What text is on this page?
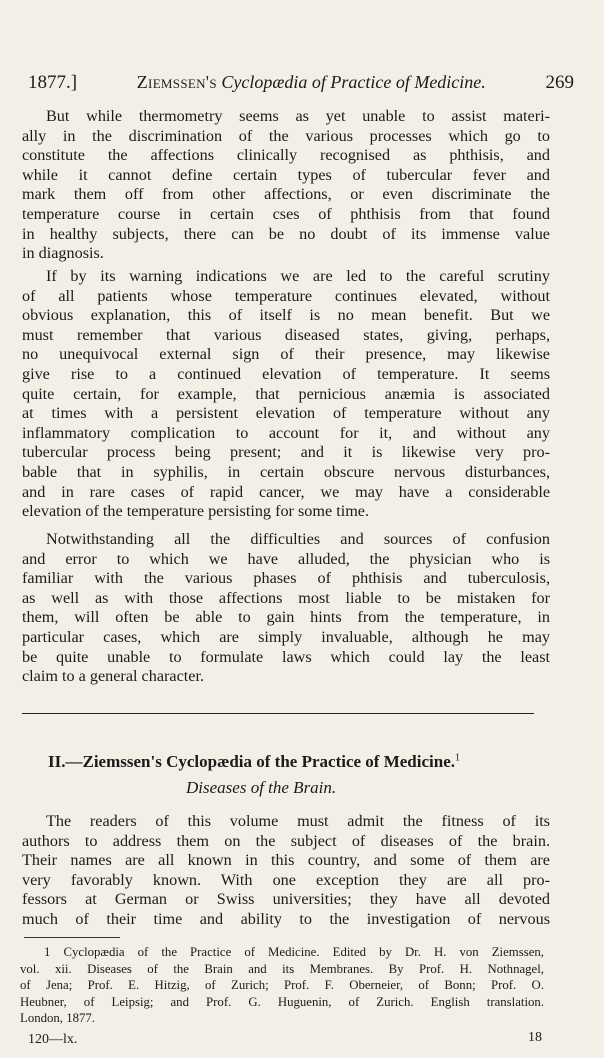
1877.]	Ziemssen's Cyclopædia of Practice of Medicine.	269
But while thermometry seems as yet unable to assist materi-
ally in the discrimination of the various processes which go to
constitute the affections clinically recognised as phthisis, and
while it cannot define certain types of tubercular fever and
mark them off from other affections, or even discriminate the
temperature course in certain cses of phthisis from that found
in healthy subjects, there can be no doubt of its immense value
in diagnosis.
If by its warning indications we are led to the careful scrutiny
of all patients whose temperature continues elevated, without
obvious explanation, this of itself is no mean benefit. But we
must remember that various diseased states, giving, perhaps,
no unequivocal external sign of their presence, may likewise
give rise to a continued elevation of temperature. It seems
quite certain, for example, that pernicious anæmia is associated
at times with a persistent elevation of temperature without any
inflammatory complication to account for it, and without any
tubercular process being present; and it is likewise very pro-
bable that in syphilis, in certain obscure nervous disturbances,
and in rare cases of rapid cancer, we may have a considerable
elevation of the temperature persisting for some time.
Notwithstanding all the difficulties and sources of confusion
and error to which we have alluded, the physician who is
familiar with the various phases of phthisis and tuberculosis,
as well as with those affections most liable to be mistaken for
them, will often be able to gain hints from the temperature, in
particular cases, which are simply invaluable, although he may
be quite unable to formulate laws which could lay the least
claim to a general character.
II.—Ziemssen's Cyclopædia of the Practice of Medicine.$^1$
Diseases of the Brain.
The readers of this volume must admit the fitness of its
authors to address them on the subject of diseases of the brain.
Their names are all known in this country, and some of them are
very favorably known. With one exception they are all pro-
fessors at German or Swiss universities; they have all devoted
much of their time and ability to the investigation of nervous
1 Cyclopædia of the Practice of Medicine. Edited by Dr. H. von Ziemssen,
vol. xii. Diseases of the Brain and its Membranes. By Prof. H. Nothnagel,
of Jena; Prof. E. Hitzig, of Zurich; Prof. F. Oberneier, of Bonn; Prof. O.
Heubner, of Leipsig; and Prof. G. Huguenin, of Zurich. English translation.
London, 1877.
120—lx.	18
